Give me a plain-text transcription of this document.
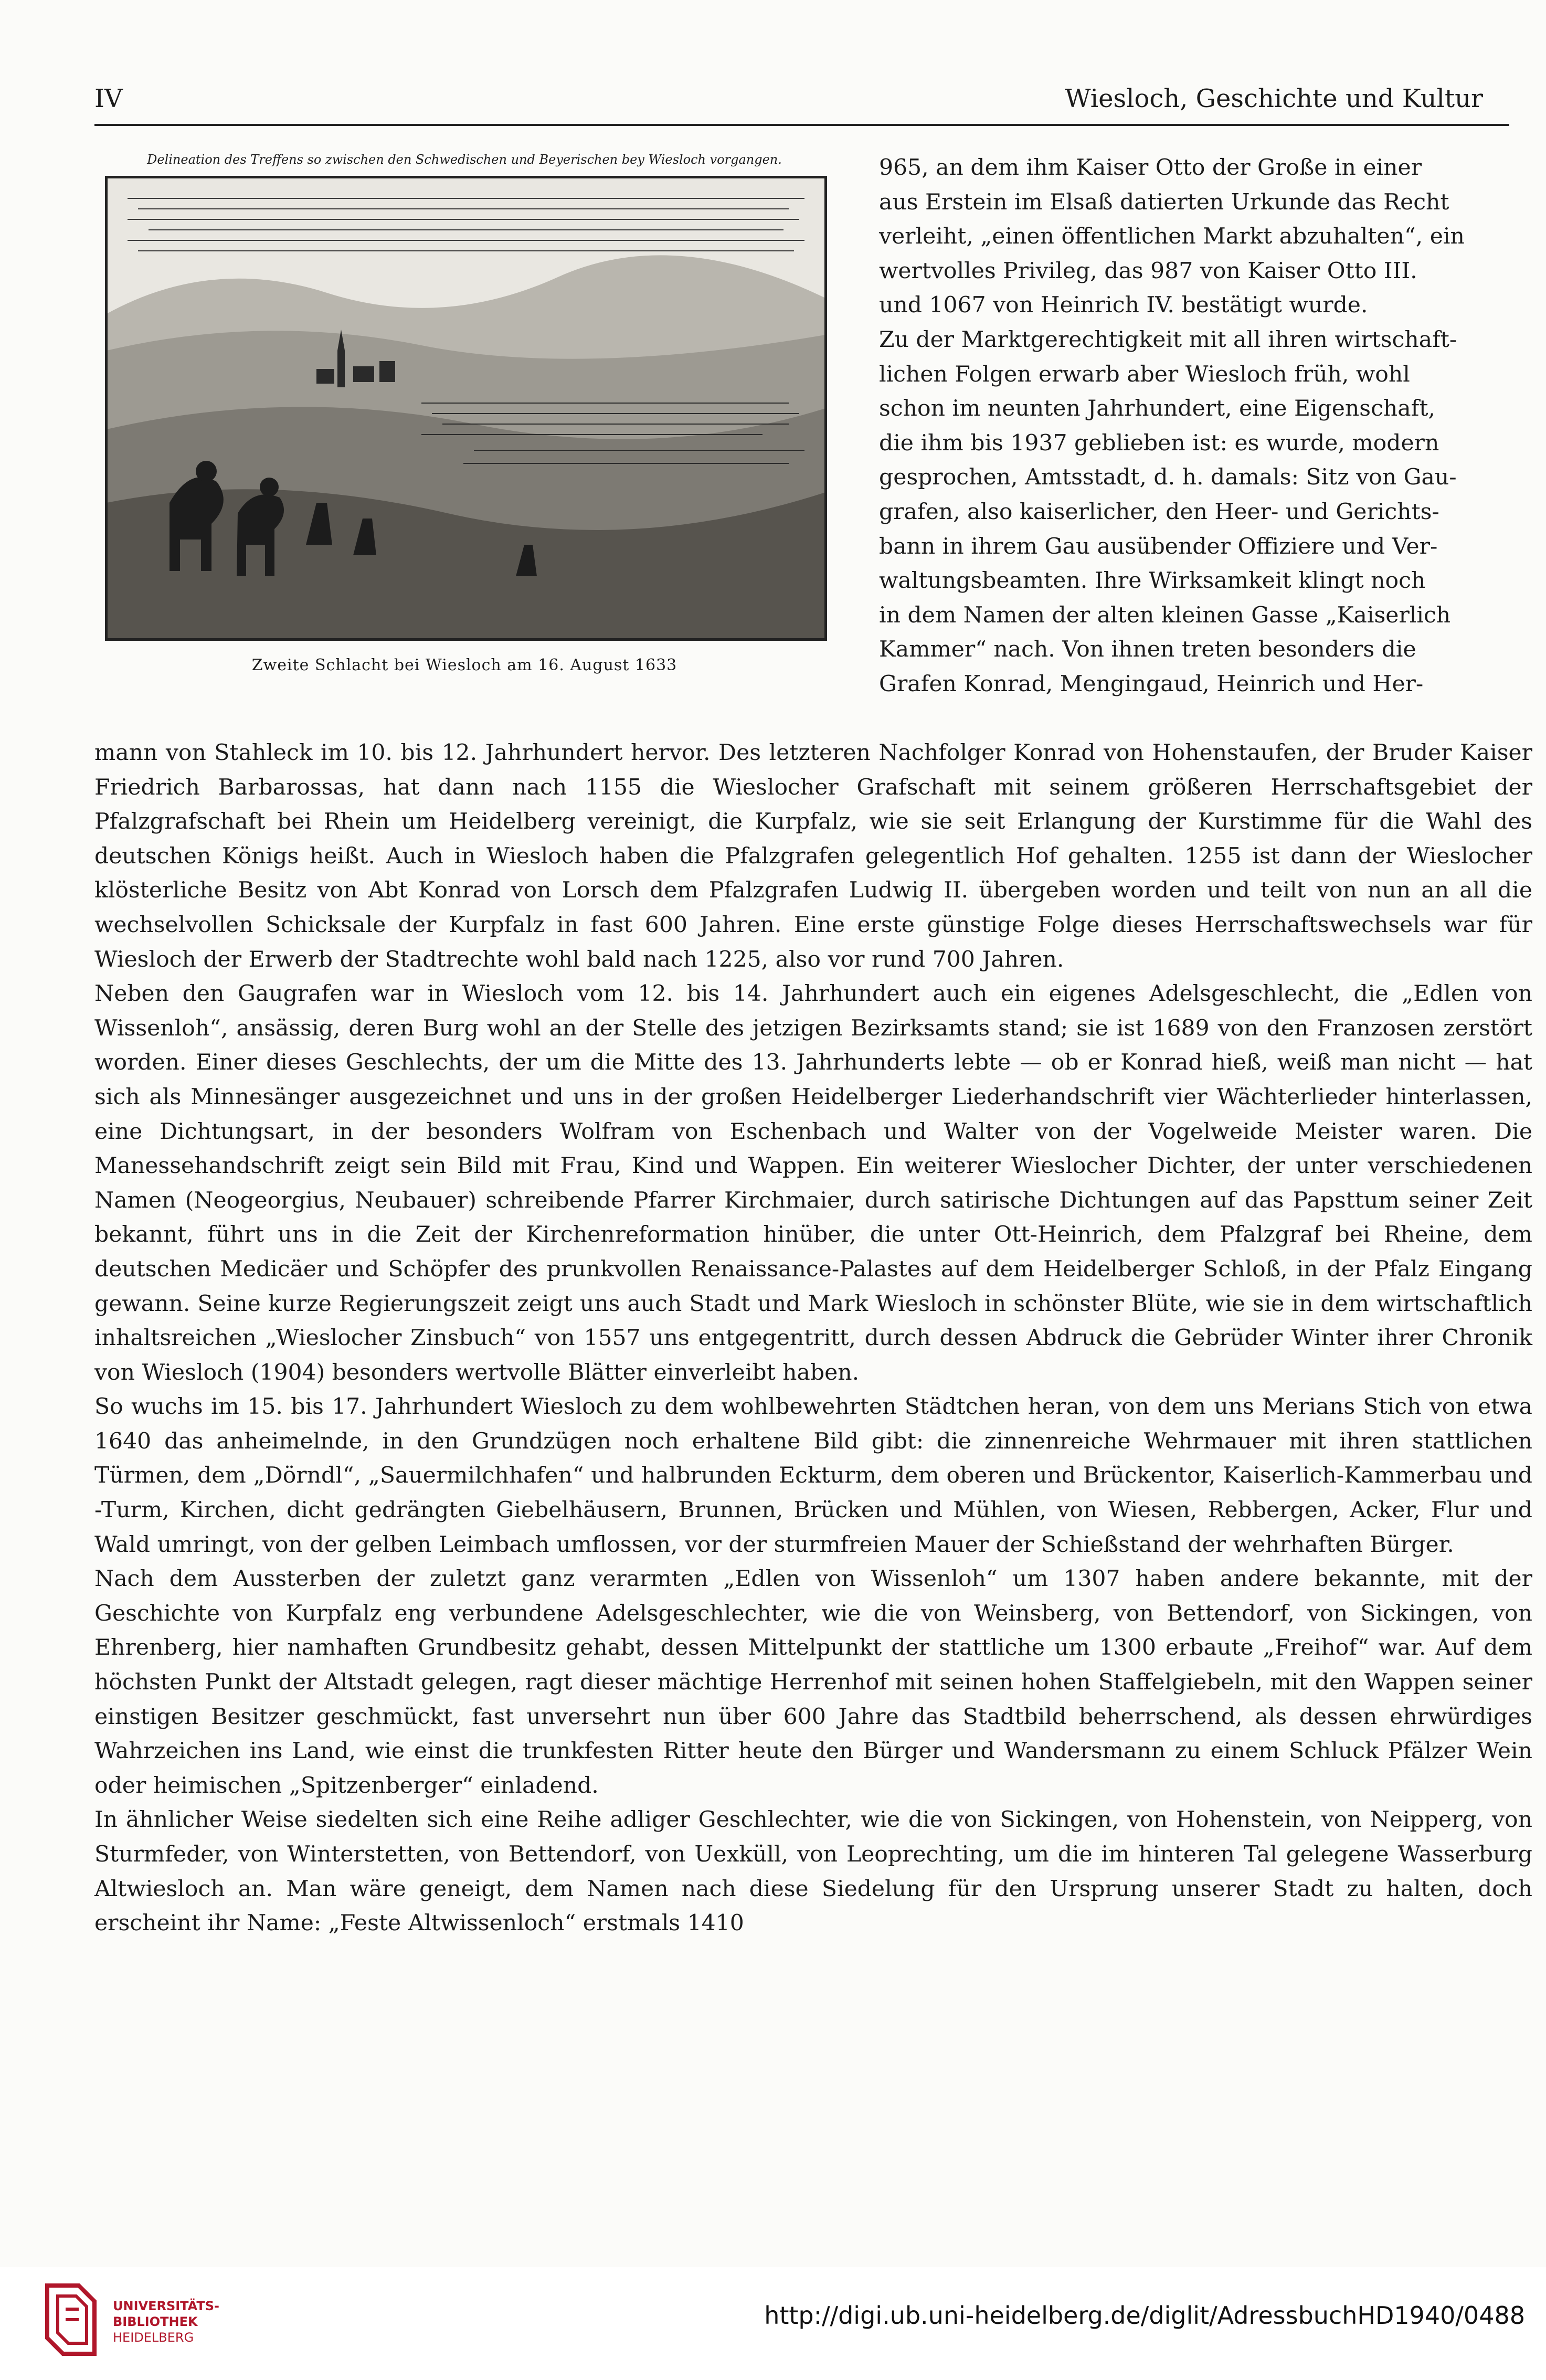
IV	Wiesloch, Geschichte und Kultur
Delineation des Treffens so zwischen den Schwedischen und Beyerischen bey Wiesloch vorgangen.
Zweite Schlacht bei Wiesloch am 16. August 1633
965, an dem ihm Kaiser Otto der Große in einer
aus Erstein im Elsaß datierten Urkunde das Recht
verleiht, „einen öffentlichen Markt abzuhalten“, ein
wertvolles Privileg, das 987 von Kaiser Otto III.
und 1067 von Heinrich IV. bestätigt wurde.
Zu der Marktgerechtigkeit mit all ihren wirtschaft-
lichen Folgen erwarb aber Wiesloch früh, wohl
schon im neunten Jahrhundert, eine Eigenschaft,
die ihm bis 1937 geblieben ist: es wurde, modern
gesprochen, Amtsstadt, d. h. damals: Sitz von Gau-
grafen, also kaiserlicher, den Heer- und Gerichts-
bann in ihrem Gau ausübender Offiziere und Ver-
waltungsbeamten. Ihre Wirksamkeit klingt noch
in dem Namen der alten kleinen Gasse „Kaiserlich
Kammer“ nach. Von ihnen treten besonders die
Grafen Konrad, Mengingaud, Heinrich und Her-

mann von Stahleck im 10. bis 12. Jahrhundert hervor. Des letzteren Nachfolger Konrad von Hohenstaufen, der Bruder Kaiser Friedrich Barbarossas, hat dann nach 1155 die Wieslocher Grafschaft mit seinem größeren Herrschaftsgebiet der Pfalzgrafschaft bei Rhein um Heidelberg vereinigt, die Kurpfalz, wie sie seit Erlangung der Kurstimme für die Wahl des deutschen Königs heißt. Auch in Wiesloch haben die Pfalzgrafen gelegentlich Hof gehalten. 1255 ist dann der Wieslocher klösterliche Besitz von Abt Konrad von Lorsch dem Pfalzgrafen Ludwig II. übergeben worden und teilt von nun an all die wechselvollen Schicksale der Kurpfalz in fast 600 Jahren. Eine erste günstige Folge dieses Herrschaftswechsels war für Wiesloch der Erwerb der Stadtrechte wohl bald nach 1225, also vor rund 700 Jahren.

Neben den Gaugrafen war in Wiesloch vom 12. bis 14. Jahrhundert auch ein eigenes Adelsgeschlecht, die „Edlen von Wissenloh“, ansässig, deren Burg wohl an der Stelle des jetzigen Bezirksamts stand; sie ist 1689 von den Franzosen zerstört worden. Einer dieses Geschlechts, der um die Mitte des 13. Jahrhunderts lebte — ob er Konrad hieß, weiß man nicht — hat sich als Minnesänger ausgezeichnet und uns in der großen Heidelberger Liederhandschrift vier Wächterlieder hinterlassen, eine Dichtungsart, in der besonders Wolfram von Eschenbach und Walter von der Vogelweide Meister waren. Die Manessehandschrift zeigt sein Bild mit Frau, Kind und Wappen. Ein weiterer Wieslocher Dichter, der unter verschiedenen Namen (Neogeorgius, Neubauer) schreibende Pfarrer Kirchmaier, durch satirische Dichtungen auf das Papsttum seiner Zeit bekannt, führt uns in die Zeit der Kirchenreformation hinüber, die unter Ott-Heinrich, dem Pfalzgraf bei Rheine, dem deutschen Medicäer und Schöpfer des prunkvollen Renaissance-Palastes auf dem Heidelberger Schloß, in der Pfalz Eingang gewann. Seine kurze Regierungszeit zeigt uns auch Stadt und Mark Wiesloch in schönster Blüte, wie sie in dem wirtschaftlich inhaltsreichen „Wieslocher Zinsbuch“ von 1557 uns entgegentritt, durch dessen Abdruck die Gebrüder Winter ihrer Chronik von Wiesloch (1904) besonders wertvolle Blätter einverleibt haben.

So wuchs im 15. bis 17. Jahrhundert Wiesloch zu dem wohlbewehrten Städtchen heran, von dem uns Merians Stich von etwa 1640 das anheimelnde, in den Grundzügen noch erhaltene Bild gibt: die zinnenreiche Wehrmauer mit ihren stattlichen Türmen, dem „Dörndl“, „Sauermilchhafen“ und halbrunden Eckturm, dem oberen und Brückentor, Kaiserlich-Kammerbau und -Turm, Kirchen, dicht gedrängten Giebelhäusern, Brunnen, Brücken und Mühlen, von Wiesen, Rebbergen, Acker, Flur und Wald umringt, von der gelben Leimbach umflossen, vor der sturmfreien Mauer der Schießstand der wehrhaften Bürger.

Nach dem Aussterben der zuletzt ganz verarmten „Edlen von Wissenloh“ um 1307 haben andere bekannte, mit der Geschichte von Kurpfalz eng verbundene Adelsgeschlechter, wie die von Weinsberg, von Bettendorf, von Sickingen, von Ehrenberg, hier namhaften Grundbesitz gehabt, dessen Mittelpunkt der stattliche um 1300 erbaute „Freihof“ war. Auf dem höchsten Punkt der Altstadt gelegen, ragt dieser mächtige Herrenhof mit seinen hohen Staffelgiebeln, mit den Wappen seiner einstigen Besitzer geschmückt, fast unversehrt nun über 600 Jahre das Stadtbild beherrschend, als dessen ehrwürdiges Wahrzeichen ins Land, wie einst die trunkfesten Ritter heute den Bürger und Wandersmann zu einem Schluck Pfälzer Wein oder heimischen „Spitzenberger“ einladend.

In ähnlicher Weise siedelten sich eine Reihe adliger Geschlechter, wie die von Sickingen, von Hohenstein, von Neipperg, von Sturmfeder, von Winterstetten, von Bettendorf, von Uexküll, von Leoprechting, um die im hinteren Tal gelegene Wasserburg Altwiesloch an. Man wäre geneigt, dem Namen nach diese Siedelung für den Ursprung unserer Stadt zu halten, doch erscheint ihr Name: „Feste Altwissenloch“ erstmals 1410

UNIVERSITÄTS-
BIBLIOTHEK
HEIDELBERG
http://digi.ub.uni-heidelberg.de/diglit/AdressbuchHD1940/0488
